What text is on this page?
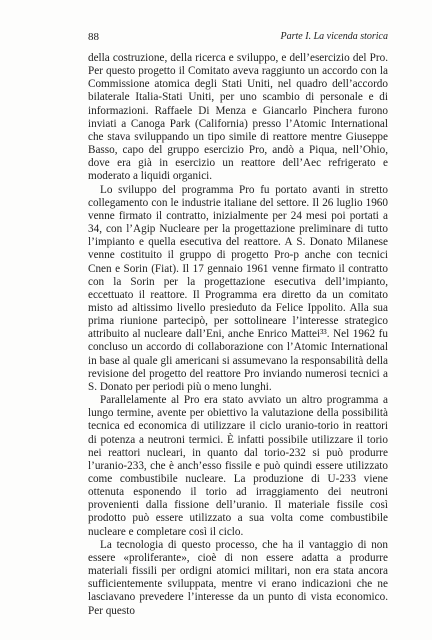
88	Parte I. La vicenda storica

della costruzione, della ricerca e sviluppo, e dell’esercizio del Pro. Per questo progetto il Comitato aveva raggiunto un accordo con la Commissione atomica degli Stati Uniti, nel quadro dell’accordo bilaterale Italia-Stati Uniti, per uno scambio di personale e di informazioni. Raffaele Di Menza e Giancarlo Pinchera furono inviati a Canoga Park (California) presso l’Atomic International che stava sviluppando un tipo simile di reattore mentre Giuseppe Basso, capo del gruppo esercizio Pro, andò a Piqua, nell’Ohio, dove era già in esercizio un reattore dell’Aec refrigerato e moderato a liquidi organici.

Lo sviluppo del programma Pro fu portato avanti in stretto collegamento con le industrie italiane del settore. Il 26 luglio 1960 venne firmato il contratto, inizialmente per 24 mesi poi portati a 34, con l’Agip Nucleare per la progettazione preliminare di tutto l’impianto e quella esecutiva del reattore. A S. Donato Milanese venne costituito il gruppo di progetto Pro-p anche con tecnici Cnen e Sorin (Fiat). Il 17 gennaio 1961 venne firmato il contratto con la Sorin per la progettazione esecutiva dell’impianto, eccettuato il reattore. Il Programma era diretto da un comitato misto ad altissimo livello presieduto da Felice Ippolito. Alla sua prima riunione partecipò, per sottolineare l’interesse strategico attribuito al nucleare dall’Eni, anche Enrico Mattei³³. Nel 1962 fu concluso un accordo di collaborazione con l’Atomic International in base al quale gli americani si assumevano la responsabilità della revisione del progetto del reattore Pro inviando numerosi tecnici a S. Donato per periodi più o meno lunghi.

Parallelamente al Pro era stato avviato un altro programma a lungo termine, avente per obiettivo la valutazione della possibilità tecnica ed economica di utilizzare il ciclo uranio-torio in reattori di potenza a neutroni termici. È infatti possibile utilizzare il torio nei reattori nucleari, in quanto dal torio-232 si può produrre l’uranio-233, che è anch’esso fissile e può quindi essere utilizzato come combustibile nucleare. La produzione di U-233 viene ottenuta esponendo il torio ad irraggiamento dei neutroni provenienti dalla fissione dell’uranio. Il materiale fissile così prodotto può essere utilizzato a sua volta come combustibile nucleare e completare così il ciclo.

La tecnologia di questo processo, che ha il vantaggio di non essere «proliferante», cioè di non essere adatta a produrre materiali fissili per ordigni atomici militari, non era stata ancora sufficientemente sviluppata, mentre vi erano indicazioni che ne lasciavano prevedere l’interesse da un punto di vista economico. Per questo
